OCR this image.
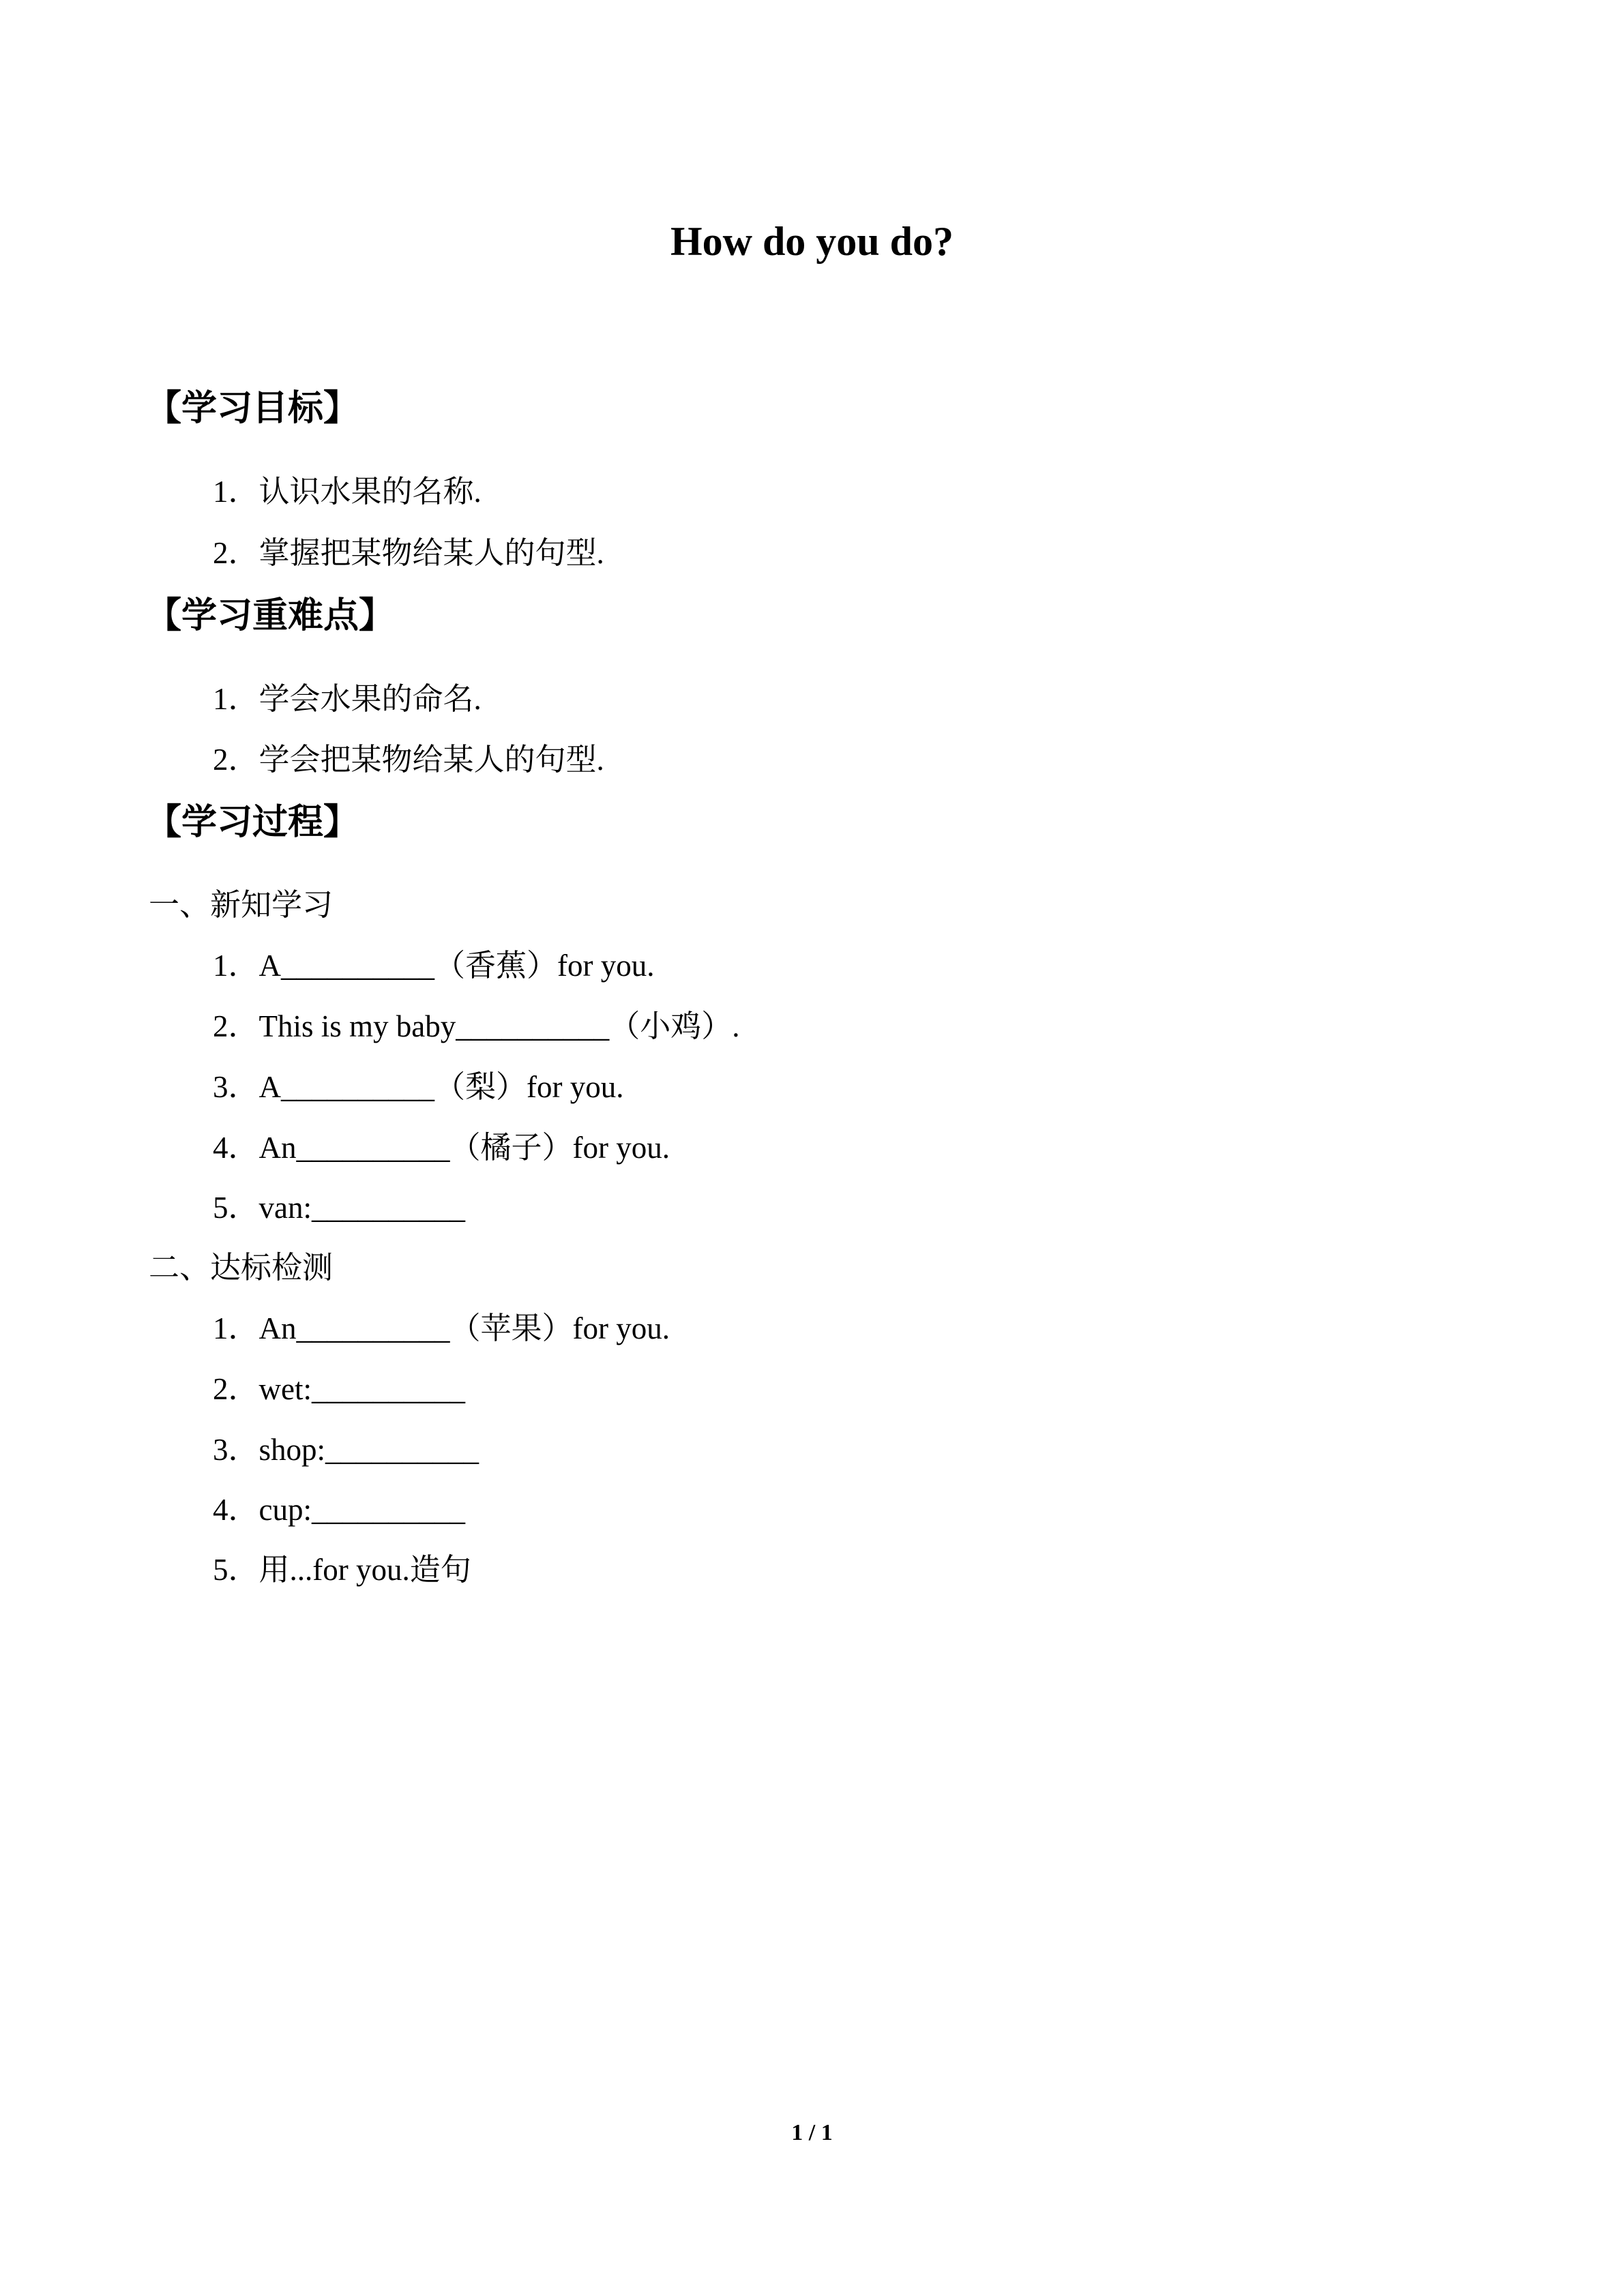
How do you do?
【学习目标】
1．认识水果的名称.
2．掌握把某物给某人的句型.
【学习重难点】
1．学会水果的命名.
2．学会把某物给某人的句型.
【学习过程】
一、新知学习
1．A__________（香蕉）for you.
2．This is my baby__________（小鸡）.
3．A__________（梨）for you.
4．An__________（橘子）for you.
5．van:__________
二、达标检测
1．An__________（苹果）for you.
2．wet:__________
3．shop:__________
4．cup:__________
5．用...for you.造句
1 / 1
